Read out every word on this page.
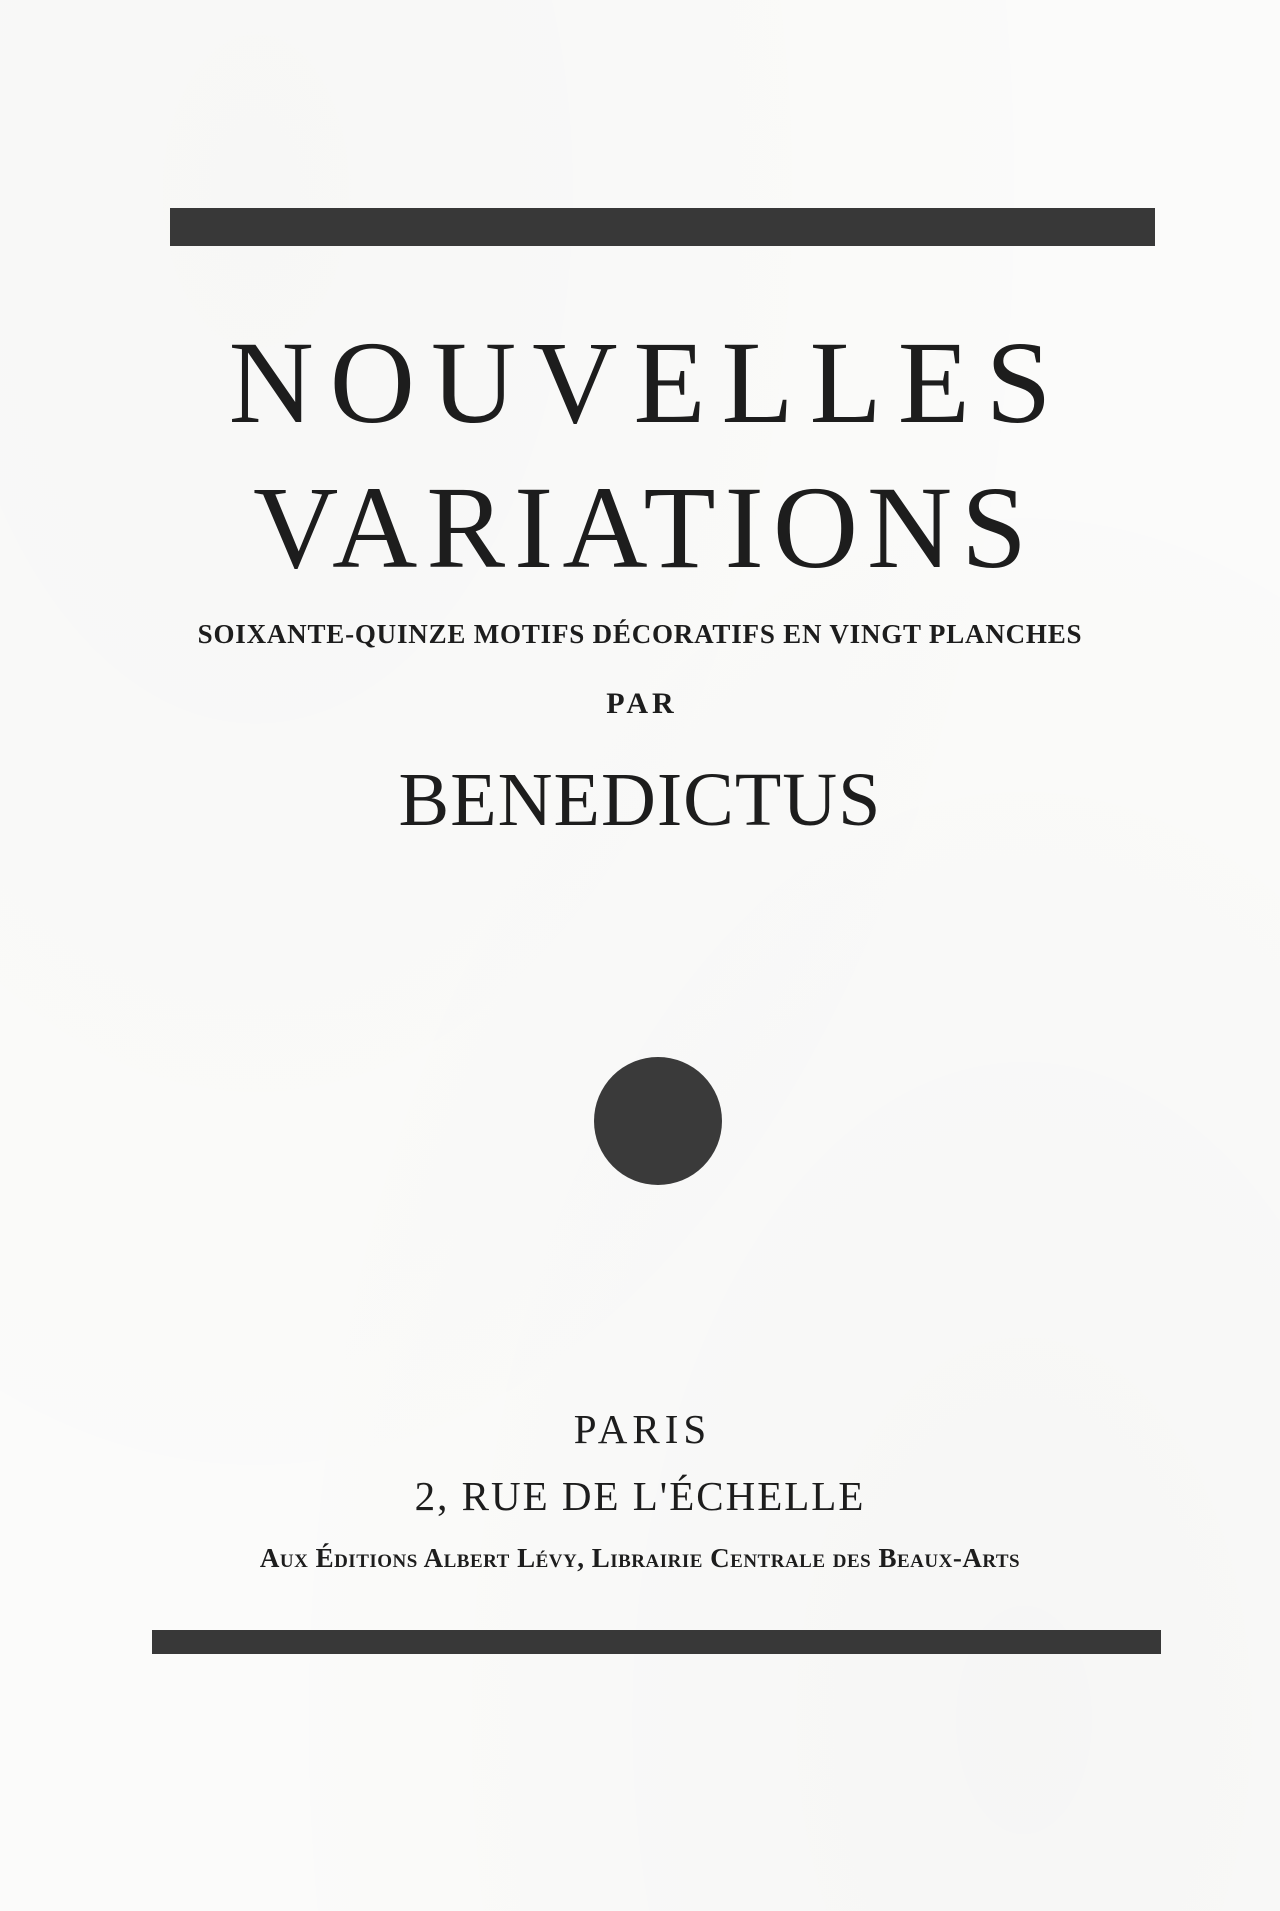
NOUVELLES
VARIATIONS

SOIXANTE-QUINZE MOTIFS DÉCORATIFS EN VINGT PLANCHES

PAR

BENEDICTUS

PARIS

2, RUE DE L'ÉCHELLE

Aux Éditions Albert Lévy, Librairie Centrale des Beaux-Arts
